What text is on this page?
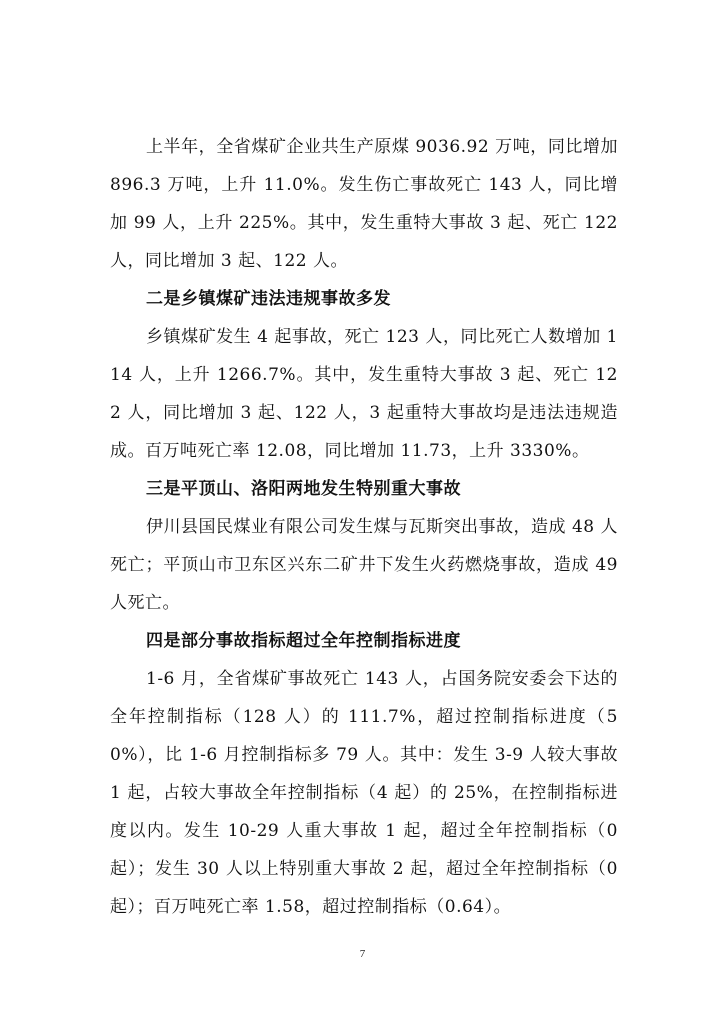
上半年，全省煤矿企业共生产原煤 9036.92 万吨，同比增加 896.3 万吨，上升 11.0%。发生伤亡事故死亡 143 人，同比增加 99 人，上升 225%。其中，发生重特大事故 3 起、死亡 122 人，同比增加 3 起、122 人。

二是乡镇煤矿违法违规事故多发

乡镇煤矿发生 4 起事故，死亡 123 人，同比死亡人数增加 114 人，上升 1266.7%。其中，发生重特大事故 3 起、死亡 122 人，同比增加 3 起、122 人，3 起重特大事故均是违法违规造成。百万吨死亡率 12.08，同比增加 11.73，上升 3330%。

三是平顶山、洛阳两地发生特别重大事故

伊川县国民煤业有限公司发生煤与瓦斯突出事故，造成 48 人死亡；平顶山市卫东区兴东二矿井下发生火药燃烧事故，造成 49 人死亡。

四是部分事故指标超过全年控制指标进度

1-6 月，全省煤矿事故死亡 143 人，占国务院安委会下达的全年控制指标（128 人）的 111.7%，超过控制指标进度（50%），比 1-6 月控制指标多 79 人。其中：发生 3-9 人较大事故 1 起，占较大事故全年控制指标（4 起）的 25%，在控制指标进度以内。发生 10-29 人重大事故 1 起，超过全年控制指标（0 起）；发生 30 人以上特别重大事故 2 起，超过全年控制指标（0 起）；百万吨死亡率 1.58，超过控制指标（0.64）。

7
